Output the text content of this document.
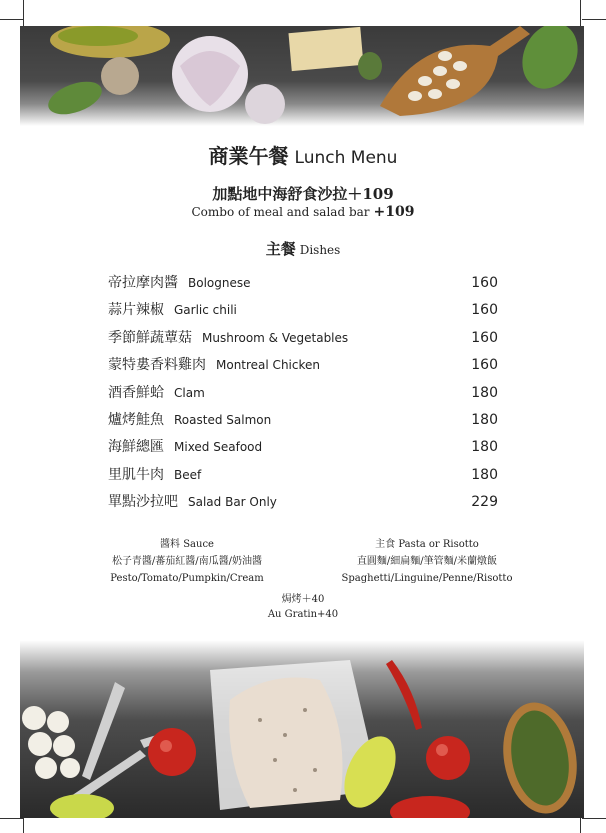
商業午餐 Lunch Menu
加點地中海舒食沙拉＋109
Combo of meal and salad bar +109
主餐 Dishes
帝拉摩肉醬 Bolognese	160
蒜片辣椒 Garlic chili	160
季節鮮蔬蕈菇 Mushroom & Vegetables	160
蒙特婁香料雞肉 Montreal Chicken	160
酒香鮮蛤 Clam	180
爐烤鮭魚 Roasted Salmon	180
海鮮總匯 Mixed Seafood	180
里肌牛肉 Beef	180
單點沙拉吧 Salad Bar Only	229
醬料 Sauce
松子青醬/蕃茄紅醬/南瓜醬/奶油醬
Pesto/Tomato/Pumpkin/Cream
主食 Pasta or Risotto
直圓麵/細扁麵/筆管麵/米蘭燉飯
Spaghetti/Linguine/Penne/Risotto
焗烤＋40
Au Gratin+40
